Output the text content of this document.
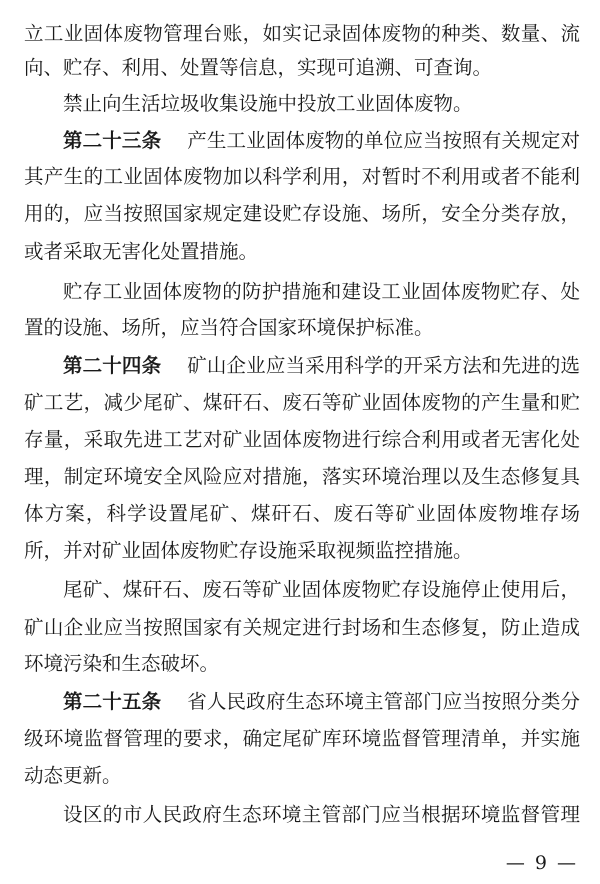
立工业固体废物管理台账，如实记录固体废物的种类、数量、流
向、贮存、利用、处置等信息，实现可追溯、可查询。
禁止向生活垃圾收集设施中投放工业固体废物。
第二十三条　 产生工业固体废物的单位应当按照有关规定对
其产生的工业固体废物加以科学利用，对暂时不利用或者不能利
用的，应当按照国家规定建设贮存设施、场所，安全分类存放，
或者采取无害化处置措施。
贮存工业固体废物的防护措施和建设工业固体废物贮存、处
置的设施、场所，应当符合国家环境保护标准。
第二十四条　 矿山企业应当采用科学的开采方法和先进的选
矿工艺，减少尾矿、煤矸石、废石等矿业固体废物的产生量和贮
存量，采取先进工艺对矿业固体废物进行综合利用或者无害化处
理，制定环境安全风险应对措施，落实环境治理以及生态修复具
体方案，科学设置尾矿、煤矸石、废石等矿业固体废物堆存场
所，并对矿业固体废物贮存设施采取视频监控措施。
尾矿、煤矸石、废石等矿业固体废物贮存设施停止使用后，
矿山企业应当按照国家有关规定进行封场和生态修复，防止造成
环境污染和生态破坏。
第二十五条　 省人民政府生态环境主管部门应当按照分类分
级环境监督管理的要求，确定尾矿库环境监督管理清单，并实施
动态更新。
设区的市人民政府生态环境主管部门应当根据环境监督管理
— 9 —
